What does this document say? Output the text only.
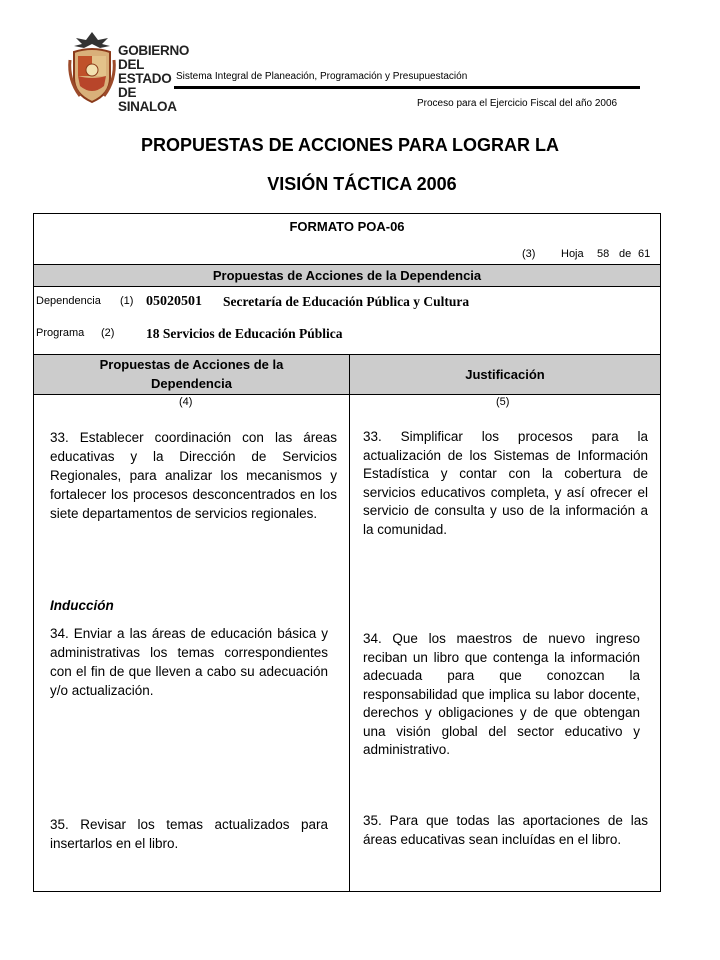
GOBIERNO
DEL ESTADO
DE SINALOA
Sistema Integral de Planeación, Programación y Presupuestación
Proceso para el Ejercicio Fiscal del año 2006
PROPUESTAS DE ACCIONES PARA LOGRAR LA
VISIÓN TÁCTICA 2006
FORMATO POA-06
(3) Hoja 58 de 61
Propuestas de Acciones de la Dependencia
Dependencia (1) 05020501 Secretaría de Educación Pública y Cultura
Programa (2) 18 Servicios de Educación Pública
Propuestas de Acciones de la
Dependencia
Justificación
(4)	(5)
33. Establecer coordinación con las áreas educativas y la Dirección de Servicios Regionales, para analizar los mecanismos y fortalecer los procesos desconcentrados en los siete departamentos de servicios regionales.
33. Simplificar los procesos para la actualización de los Sistemas de Información Estadística y contar con la cobertura de servicios educativos completa, y así ofrecer el servicio de consulta y uso de la información a la comunidad.
Inducción
34. Enviar a las áreas de educación básica y administrativas los temas correspondientes con el fin de que lleven a cabo su adecuación y/o actualización.
34. Que los maestros de nuevo ingreso reciban un libro que contenga la información adecuada para que conozcan la responsabilidad que implica su labor docente, derechos y obligaciones y de que obtengan una visión global del sector educativo y administrativo.
35. Revisar los temas actualizados para insertarlos en el libro.
35. Para que todas las aportaciones de las áreas educativas sean incluídas en el libro.
